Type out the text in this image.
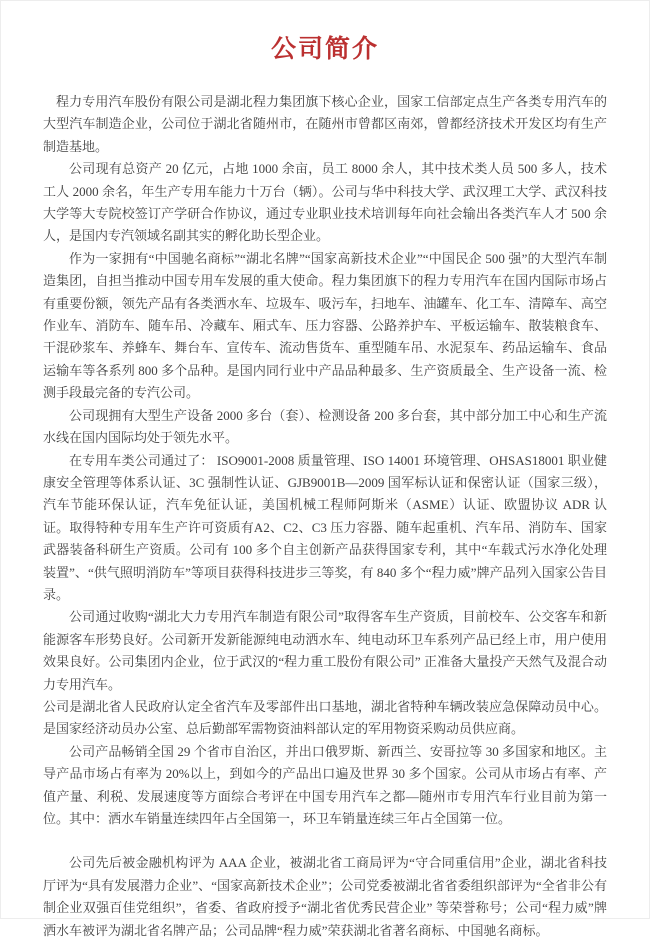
公司简介

程力专用汽车股份有限公司是湖北程力集团旗下核心企业，国家工信部定点生产各类专用汽车的大型汽车制造企业，公司位于湖北省随州市，在随州市曾都区南郊，曾都经济技术开发区均有生产制造基地。

公司现有总资产 20 亿元，占地 1000 余亩，员工 8000 余人，其中技术类人员 500 多人，技术工人 2000 余名，年生产专用车能力十万台（辆）。公司与华中科技大学、武汉理工大学、武汉科技大学等大专院校签订产学研合作协议，通过专业职业技术培训每年向社会输出各类汽车人才 500 余人，是国内专汽领域名副其实的孵化助长型企业。

作为一家拥有“中国驰名商标”“湖北名牌”“国家高新技术企业”“中国民企 500 强”的大型汽车制造集团，自担当推动中国专用车发展的重大使命。程力集团旗下的程力专用汽车在国内国际市场占有重要份额，领先产品有各类洒水车、垃圾车、吸污车，扫地车、油罐车、化工车、清障车、高空作业车、消防车、随车吊、冷藏车、厢式车、压力容器、公路养护车、平板运输车、散装粮食车、干混砂浆车、养蜂车、舞台车、宣传车、流动售货车、重型随车吊、水泥泵车、药品运输车、食品运输车等各系列 800 多个品种。是国内同行业中产品品种最多、生产资质最全、生产设备一流、检测手段最完备的专汽公司。

公司现拥有大型生产设备 2000 多台（套）、检测设备 200 多台套，其中部分加工中心和生产流水线在国内国际均处于领先水平。

在专用车类公司通过了： ISO9001-2008 质量管理、ISO 14001 环境管理、OHSAS18001 职业健康安全管理等体系认证、3C 强制性认证、GJB9001B—2009 国军标认证和保密认证（国家三级），汽车节能环保认证，汽车免征认证，美国机械工程师阿斯米（ASME）认证、欧盟协议 ADR 认证。取得特种专用车生产许可资质有A2、C2、C3 压力容器、随车起重机、汽车吊、消防车、国家武器装备科研生产资质。公司有 100 多个自主创新产品获得国家专利，其中“车载式污水净化处理装置”、“供气照明消防车”等项目获得科技进步三等奖，有 840 多个“程力威”牌产品列入国家公告目录。

公司通过收购“湖北大力专用汽车制造有限公司”取得客车生产资质，目前校车、公交客车和新能源客车形势良好。公司新开发新能源纯电动洒水车、纯电动环卫车系列产品已经上市，用户使用效果良好。公司集团内企业，位于武汉的“程力重工股份有限公司” 正准备大量投产天然气及混合动力专用汽车。

公司是湖北省人民政府认定全省汽车及零部件出口基地，湖北省特种车辆改装应急保障动员中心。是国家经济动员办公室、总后勤部军需物资油料部认定的军用物资采购动员供应商。

公司产品畅销全国 29 个省市自治区，并出口俄罗斯、新西兰、安哥拉等 30 多国家和地区。主导产品市场占有率为 20%以上，到如今的产品出口遍及世界 30 多个国家。公司从市场占有率、产值产量、利税、发展速度等方面综合考评在中国专用汽车之都—随州市专用汽车行业目前为第一位。其中：洒水车销量连续四年占全国第一，环卫车销量连续三年占全国第一位。

公司先后被金融机构评为 AAA 企业，被湖北省工商局评为“守合同重信用”企业，湖北省科技厅评为“具有发展潜力企业”、“国家高新技术企业”；公司党委被湖北省省委组织部评为“全省非公有制企业双强百佳党组织”，省委、省政府授予“湖北省优秀民营企业” 等荣誉称号；公司“程力威”牌洒水车被评为湖北省名牌产品；公司品牌“程力威”荣获湖北省著名商标、中国驰名商标。
